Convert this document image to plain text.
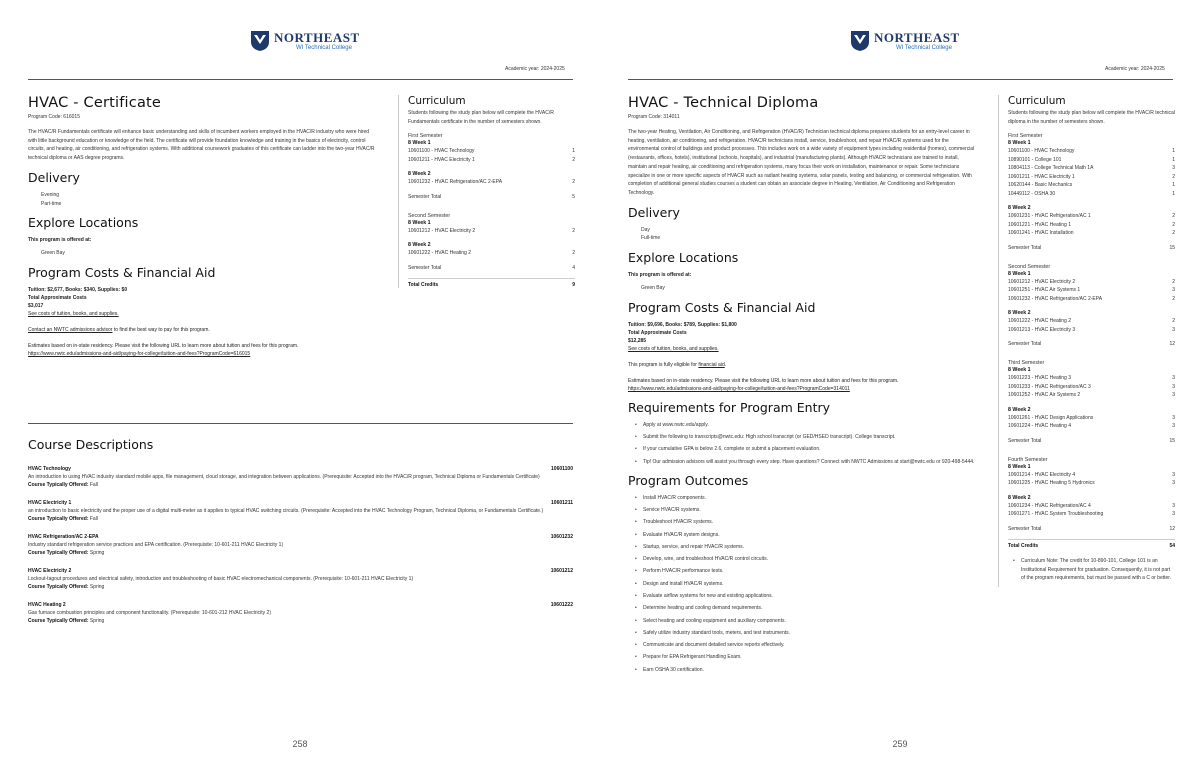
NORTHEAST
WI Technical College
Academic year: 2024-2025
HVAC - Certificate
Program Code: 616015

The HVAC/R Fundamentals certificate will enhance basic understanding and skills of incumbent workers employed in the HVAC/R industry who were hired with little background education or knowledge of the field. The certificate will provide foundation knowledge and training in the basics of electricity, control circuits, and heating, air conditioning, and refrigeration systems. With additional coursework graduates of this certificate can ladder into the two-year HVAC/R technical diploma or AAS degree programs.

Delivery
Evening
Part-time
Explore Locations
This program is offered at:
Green Bay
Program Costs & Financial Aid
Tuition: $2,677, Books: $340, Supplies: $0
Total Approximate Costs
$3,017
See costs of tuition, books, and supplies.
Contact an NWTC admissions advisor to find the best way to pay for this program.
Estimates based on in-state residency. Please visit the following URL to learn more about tuition and fees for this program.
https://www.nwtc.edu/admissions-and-aid/paying-for-college/tuition-and-fees?ProgramCode=616015
Curriculum
Students following the study plan below will complete the HVAC/R Fundamentals certificate in the number of semesters shown.
First Semester
8 Week 1
10601100 - HVAC Technology	1
10601211 - HVAC Electricity 1	2
8 Week 2
10601232 - HVAC Refrigeration/AC 2-EPA	2
Semester Total	5
Second Semester
8 Week 1
10601212 - HVAC Electricity 2	2
8 Week 2
10601222 - HVAC Heating 2	2
Semester Total	4
Total Credits	9
Course Descriptions
HVAC Technology	10601100
An introduction to using HVAC industry standard mobile apps, file management, cloud storage, and integration between applications. (Prerequisite: Accepted into the HVAC/R program, Technical Diploma or Fundamentals Certificate)
Course Typically Offered: Fall
HVAC Electricity 1	10601211
an introduction to basic electricity and the proper use of a digital multi-meter as it applies to typical HVAC switching circuits. (Prerequisite: Accepted into the HVAC Technology Program, Technical Diploma, or Fundamentals Certificate.)
Course Typically Offered: Fall
HVAC Refrigeration/AC 2-EPA	10601232
Industry standard refrigeration service practices and EPA certification. (Prerequisite: 10-601-211 HVAC Electricity 1)
Course Typically Offered: Spring
HVAC Electricity 2	10601212
Lockout-tagout procedures and electrical safety, introduction and troubleshooting of basic HVAC electromechanical components. (Prerequisite: 10-601-211 HVAC Electricity 1)
Course Typically Offered: Spring
HVAC Heating 2	10601222
Gas furnace combustion principles and component functionality. (Prerequisite: 10-601-212 HVAC Electricity 2)
Course Typically Offered: Spring
258
NORTHEAST
WI Technical College
Academic year: 2024-2025
HVAC - Technical Diploma
Program Code: 314011

The two-year Heating, Ventilation, Air Conditioning, and Refrigeration (HVAC/R) Technician technical diploma prepares students for an entry-level career in heating, ventilation, air conditioning, and refrigeration. HVAC/R technicians install, service, troubleshoot, and repair HVAC/R systems used for the environmental control of buildings and product processes. This includes work on a wide variety of equipment types including residential (homes), commercial (restaurants, offices, hotels), institutional (schools, hospitals), and industrial (manufacturing plants). Although HVACR technicians are trained to install, maintain and repair heating, air conditioning and refrigeration systems, many focus their work on installation, maintenance or repair. Some technicians specialize in one or more specific aspects of HVACR such as radiant heating systems, solar panels, testing and balancing, or commercial refrigeration. With completion of additional general studies courses a student can obtain an associate degree in Heating, Ventilation, Air Conditioning and Refrigeration Technology.

Delivery
Day
Full-time
Explore Locations
This program is offered at:
Green Bay
Program Costs & Financial Aid
Tuition: $9,696, Books: $789, Supplies: $1,800
Total Approximate Costs
$12,285
See costs of tuition, books, and supplies.
This program is fully eligible for financial aid.
Estimates based on in-state residency. Please visit the following URL to learn more about tuition and fees for this program.
https://www.nwtc.edu/admissions-and-aid/paying-for-college/tuition-and-fees?ProgramCode=314011
Requirements for Program Entry
• Apply at www.nwtc.edu/apply.
• Submit the following to transcripts@nwtc.edu: High school transcript (or GED/HSED transcript). College transcript.
• If your cumulative GPA is below 2.6, complete or submit a placement evaluation.
• Tip! Our admission advisors will assist you through every step. Have questions? Connect with NWTC Admissions at start@nwtc.edu or 920-498-5444.
Program Outcomes
• Install HVAC/R components.
• Service HVAC/R systems.
• Troubleshoot HVAC/R systems.
• Evaluate HVAC/R system designs.
• Startup, service, and repair HVAC/R systems.
• Develop, wire, and troubleshoot HVAC/R control circuits.
• Perform HVAC/R performance tests.
• Design and install HVAC/R systems.
• Evaluate airflow systems for new and existing applications.
• Determine heating and cooling demand requirements.
• Select heating and cooling equipment and auxiliary components.
• Safely utilize industry standard tools, meters, and test instruments.
• Communicate and document detailed service reports effectively.
• Prepare for EPA Refrigerant Handling Exam.
• Earn OSHA 30 certification.
Curriculum
Students following the study plan below will complete the HVAC/R technical diploma in the number of semesters shown.
First Semester
8 Week 1
10601100 - HVAC Technology	1
10890101 - College 101	1
10804113 - College Technical Math 1A	3
10601211 - HVAC Electricity 1	2
10620144 - Basic Mechanics	1
10449112 - OSHA 30	1
8 Week 2
10601231 - HVAC Refrigeration/AC 1	2
10601221 - HVAC Heating 1	2
10601241 - HVAC Installation	2
Semester Total	15
Second Semester
8 Week 1
10601212 - HVAC Electricity 2	2
10601251 - HVAC Air Systems 1	3
10601232 - HVAC Refrigeration/AC 2-EPA	2
8 Week 2
10601222 - HVAC Heating 2	2
10601213 - HVAC Electricity 3	3
Semester Total	12
Third Semester
8 Week 1
10601223 - HVAC Heating 3	3
10601233 - HVAC Refrigeration/AC 3	3
10601252 - HVAC Air Systems 2	3
8 Week 2
10601261 - HVAC Design Applications	3
10601224 - HVAC Heating 4	3
Semester Total	15
Fourth Semester
8 Week 1
10601214 - HVAC Electricity 4	3
10601225 - HVAC Heating 5 Hydronics	3
8 Week 2
10601234 - HVAC Refrigeration/AC 4	3
10601271 - HVAC System Troubleshooting	3
Semester Total	12
Total Credits	54
• Curriculum Note: The credit for 10-890-101, College 101 is an Institutional Requirement for graduation. Consequently, it is not part of the program requirements, but must be passed with a C or better.
259
